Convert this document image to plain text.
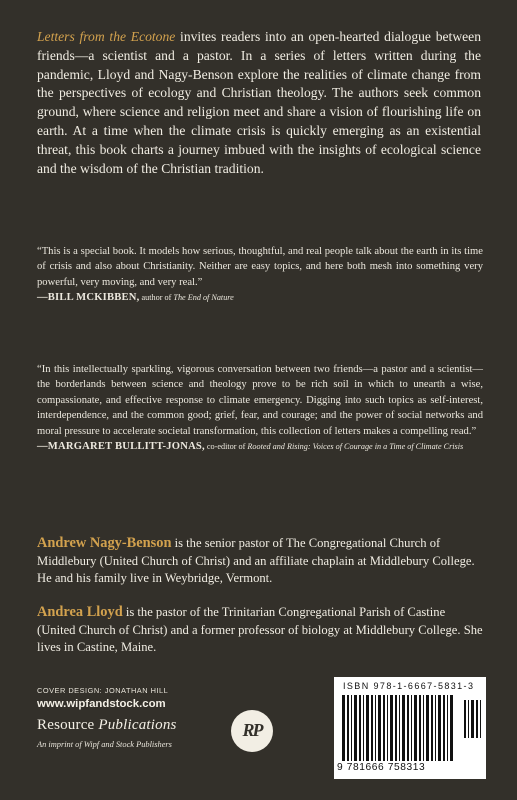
Letters from the Ecotone invites readers into an open-hearted dialogue between friends—a scientist and a pastor. In a series of letters written during the pandemic, Lloyd and Nagy-Benson explore the realities of climate change from the perspectives of ecology and Christian theology. The authors seek common ground, where science and religion meet and share a vision of flourishing life on earth. At a time when the climate crisis is quickly emerging as an existential threat, this book charts a journey imbued with the insights of ecological science and the wisdom of the Christian tradition.
“This is a special book. It models how serious, thoughtful, and real people talk about the earth in its time of crisis and also about Christianity. Neither are easy topics, and here both mesh into something very powerful, very moving, and very real.”
—BILL MCKIBBEN, author of The End of Nature
“In this intellectually sparkling, vigorous conversation between two friends—a pastor and a scientist—the borderlands between science and theology prove to be rich soil in which to unearth a wise, compassionate, and effective response to climate emergency. Digging into such topics as self-interest, interdependence, and the common good; grief, fear, and courage; and the power of social networks and moral pressure to accelerate societal transformation, this collection of letters makes a compelling read.”
—MARGARET BULLITT-JONAS, co-editor of Rooted and Rising: Voices of Courage in a Time of Climate Crisis
Andrew Nagy-Benson is the senior pastor of The Congregational Church of Middlebury (United Church of Christ) and an affiliate chaplain at Middlebury College. He and his family live in Weybridge, Vermont.
Andrea Lloyd is the pastor of the Trinitarian Congregational Parish of Castine (United Church of Christ) and a former professor of biology at Middlebury College. She lives in Castine, Maine.
COVER DESIGN: JONATHAN HILL
www.wipfandstock.com
Resource Publications
An imprint of Wipf and Stock Publishers
RP
ISBN 978-1-6667-5831-3
9 781666 758313
